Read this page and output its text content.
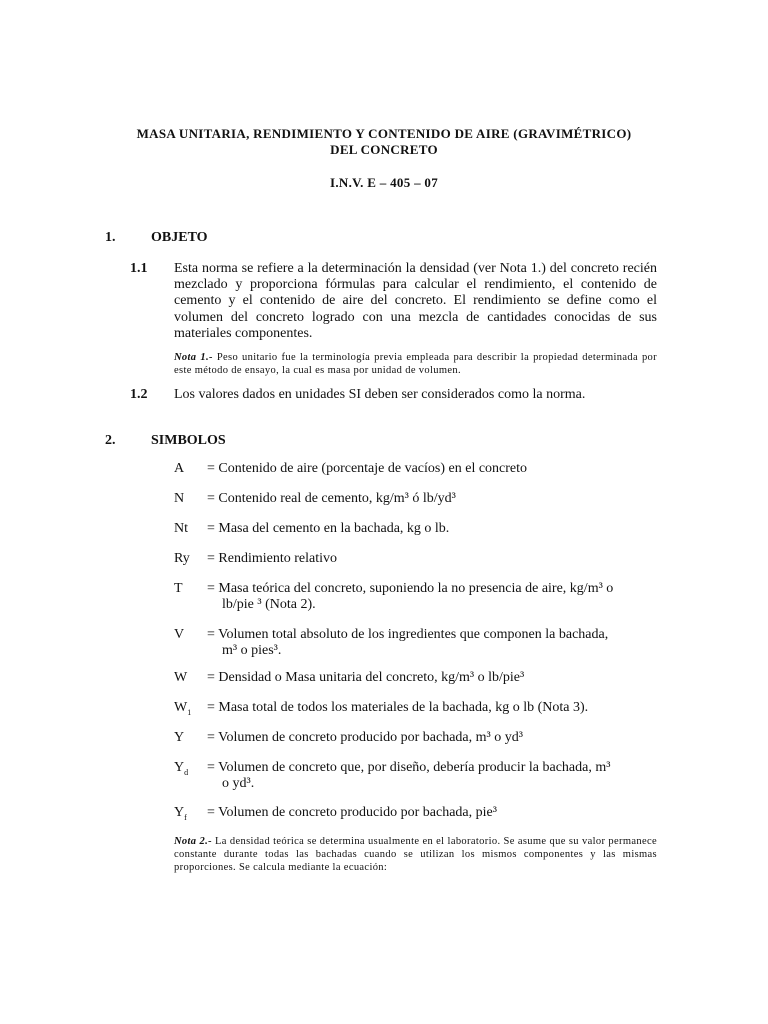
MASA UNITARIA, RENDIMIENTO Y CONTENIDO DE AIRE (GRAVIMÉTRICO)
DEL CONCRETO
I.N.V. E – 405 – 07
1.	OBJETO
1.1 Esta norma se refiere a la determinación la densidad (ver Nota 1.) del concreto recién mezclado y proporciona fórmulas para calcular el rendimiento, el contenido de cemento y el contenido de aire del concreto. El rendimiento se define como el volumen del concreto logrado con una mezcla de cantidades conocidas de sus materiales componentes.
Nota 1.- Peso unitario fue la terminología previa empleada para describir la propiedad determinada por este método de ensayo, la cual es masa por unidad de volumen.
1.2 Los valores dados en unidades SI deben ser considerados como la norma.
2.	SIMBOLOS
A = Contenido de aire (porcentaje de vacíos) en el concreto
N = Contenido real de cemento, kg/m³ ó lb/yd³
Nt = Masa del cemento en la bachada, kg o lb.
Ry = Rendimiento relativo
T = Masa teórica del concreto, suponiendo la no presencia de aire, kg/m³ o
lb/pie ³ (Nota 2).
V = Volumen total absoluto de los ingredientes que componen la bachada,
m³ o pies³.
W = Densidad o Masa unitaria del concreto, kg/m³ o lb/pie³
$W_1$ = Masa total de todos los materiales de la bachada, kg o lb (Nota 3).
Y = Volumen de concreto producido por bachada, m³ o yd³
$Y_d$ = Volumen de concreto que, por diseño, debería producir la bachada, m³
o yd³.
$Y_f$ = Volumen de concreto producido por bachada, pie³
Nota 2.- La densidad teórica se determina usualmente en el laboratorio. Se asume que su valor permanece constante durante todas las bachadas cuando se utilizan los mismos componentes y las mismas proporciones. Se calcula mediante la ecuación:
